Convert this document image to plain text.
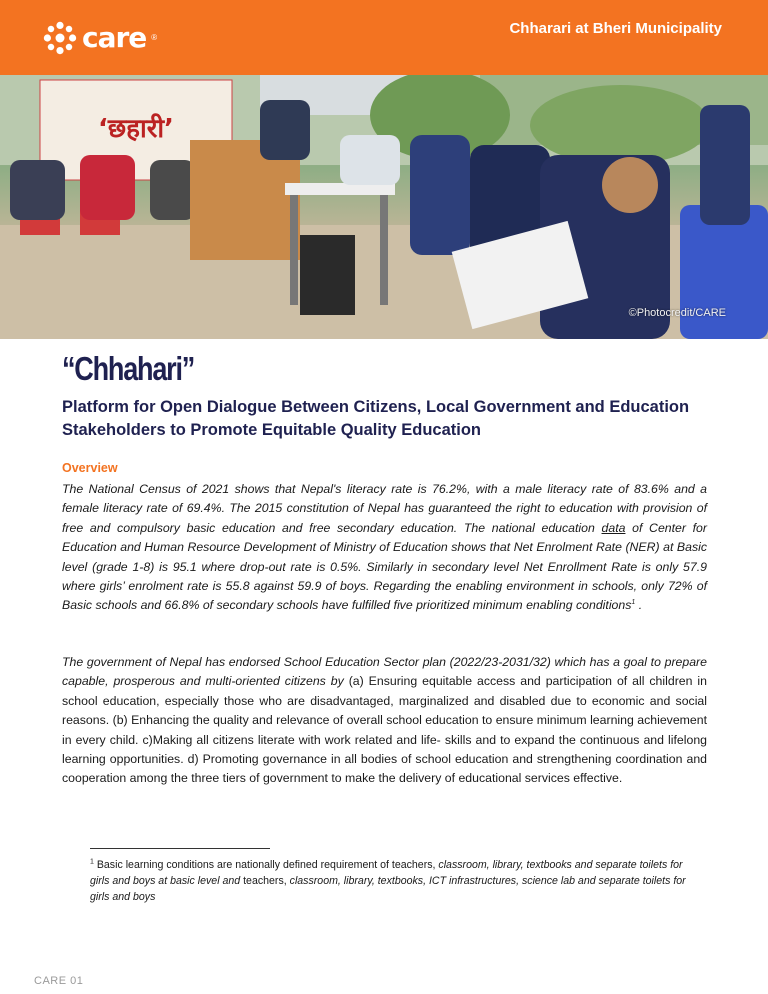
care ®
Chharari at Bheri Municipality
‘छहारी’
©Photocredit/CARE
“Chhahari”
Platform for Open Dialogue Between Citizens, Local Government and Education Stakeholders to Promote Equitable Quality Education
Overview

The National Census of 2021 shows that Nepal's literacy rate is 76.2%, with a male literacy rate of 83.6% and a female literacy rate of 69.4%. The 2015 constitution of Nepal has guaranteed the right to education with provision of free and compulsory basic education and free secondary education. The national education data of Center for Education and Human Resource Development of Ministry of Education shows that Net Enrolment Rate (NER) at Basic level (grade 1-8) is 95.1 where drop-out rate is 0.5%. Similarly in secondary level Net Enrollment Rate is only 57.9 where girls’ enrolment rate is 55.8 against 59.9 of boys. Regarding the enabling environment in schools, only 72% of Basic schools and 66.8% of secondary schools have fulfilled five prioritized minimum enabling conditions$^1$ .

The government of Nepal has endorsed School Education Sector plan (2022/23-2031/32) which has a goal to prepare capable, prosperous and multi-oriented citizens by (a) Ensuring equitable access and participation of all children in school education, especially those who are disadvantaged, marginalized and disabled due to economic and social reasons. (b) Enhancing the quality and relevance of overall school education to ensure minimum learning achievement in every child. c)Making all citizens literate with work related and life- skills and to expand the continuous and lifelong learning opportunities. d) Promoting governance in all bodies of school education and strengthening coordination and cooperation among the three tiers of government to make the delivery of educational services effective.

$^1$ Basic learning conditions are nationally defined requirement of teachers, classroom, library, textbooks and separate toilets for girls and boys at basic level and teachers, classroom, library, textbooks, ICT infrastructures, science lab and separate toilets for girls and boys
CARE 01
